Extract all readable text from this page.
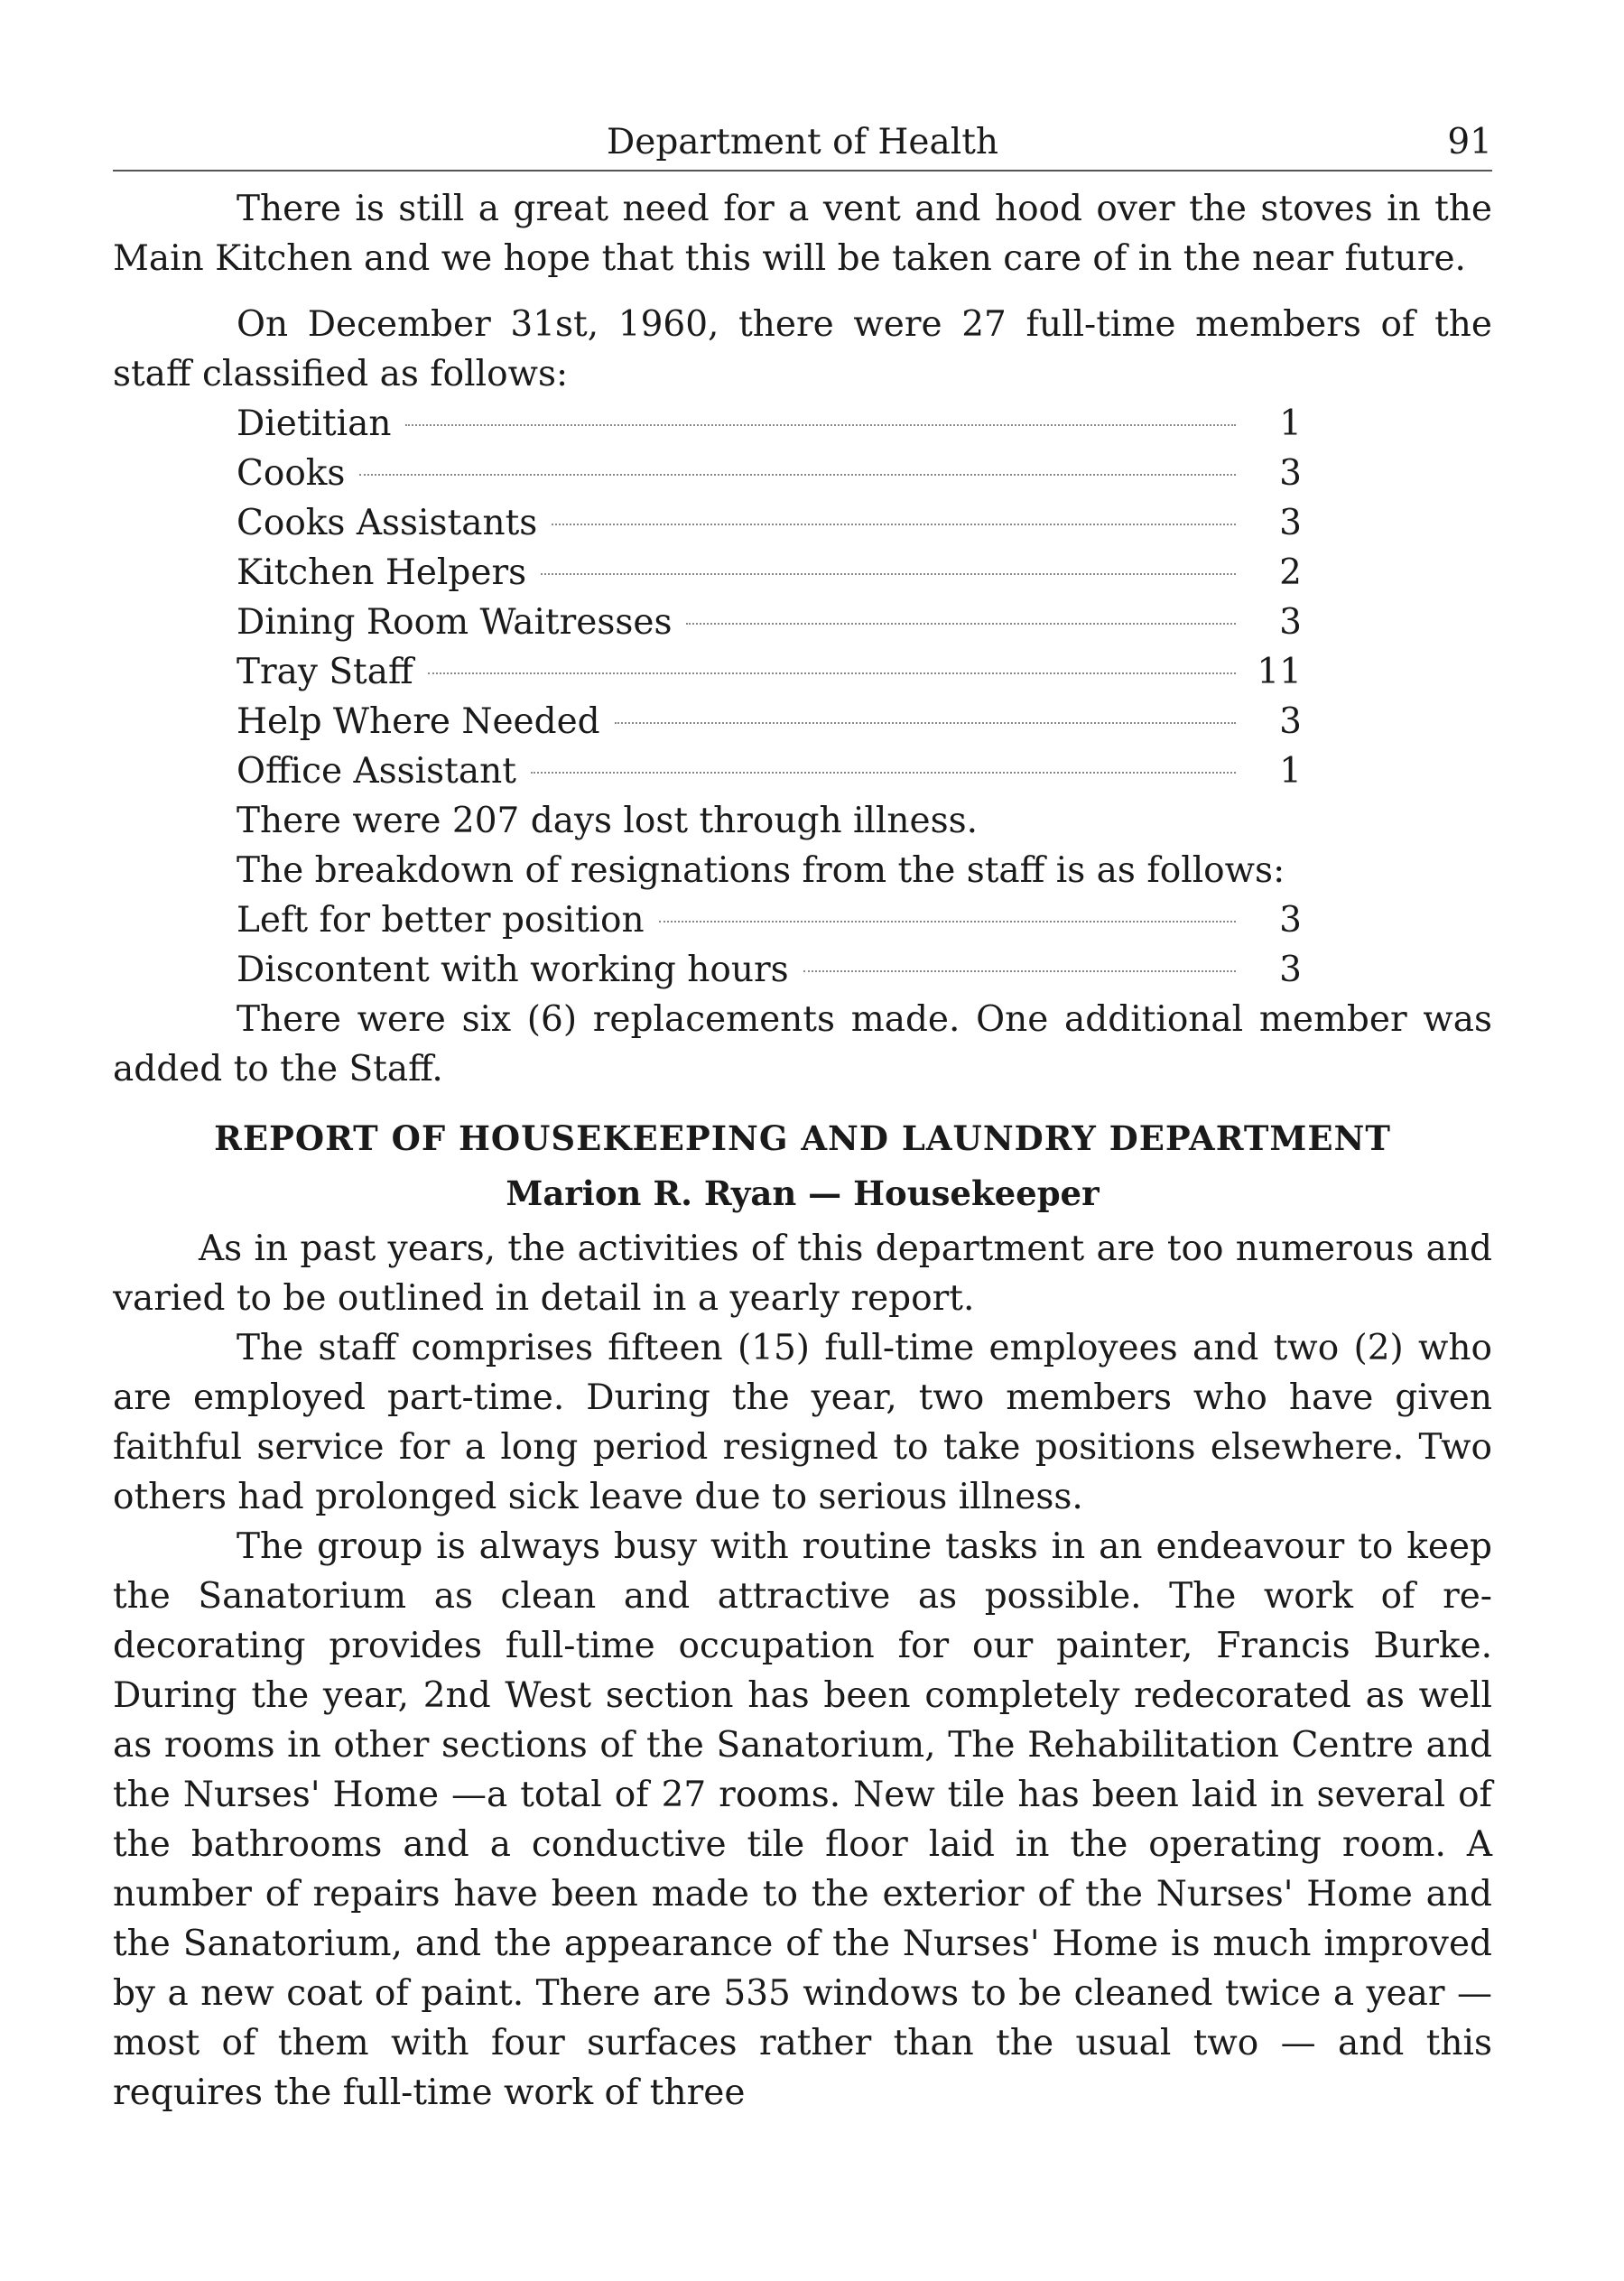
Department of Health	91

There is still a great need for a vent and hood over the stoves in the Main Kitchen and we hope that this will be taken care of in the near future.

On December 31st, 1960, there were 27 full-time members of the staff classified as follows:

Dietitian	1
Cooks	3
Cooks Assistants	3
Kitchen Helpers	2
Dining Room Waitresses	3
Tray Staff	11
Help Where Needed	3
Office Assistant	1

There were 207 days lost through illness.

The breakdown of resignations from the staff is as follows:

Left for better position	3
Discontent with working hours	3

There were six (6) replacements made. One additional member was added to the Staff.

REPORT OF HOUSEKEEPING AND LAUNDRY DEPARTMENT
Marion R. Ryan — Housekeeper

As in past years, the activities of this department are too numerous and varied to be outlined in detail in a yearly report.

The staff comprises fifteen (15) full-time employees and two (2) who are employed part-time. During the year, two members who have given faithful service for a long period resigned to take positions elsewhere. Two others had prolonged sick leave due to serious illness.

The group is always busy with routine tasks in an endeavour to keep the Sanatorium as clean and attractive as possible. The work of re-decorating provides full-time occupation for our painter, Francis Burke. During the year, 2nd West section has been completely redecorated as well as rooms in other sections of the Sanatorium, The Rehabilitation Centre and the Nurses' Home —a total of 27 rooms. New tile has been laid in several of the bathrooms and a conductive tile floor laid in the operating room. A number of repairs have been made to the exterior of the Nurses' Home and the Sanatorium, and the appearance of the Nurses' Home is much improved by a new coat of paint. There are 535 windows to be cleaned twice a year — most of them with four surfaces rather than the usual two — and this requires the full-time work of three
